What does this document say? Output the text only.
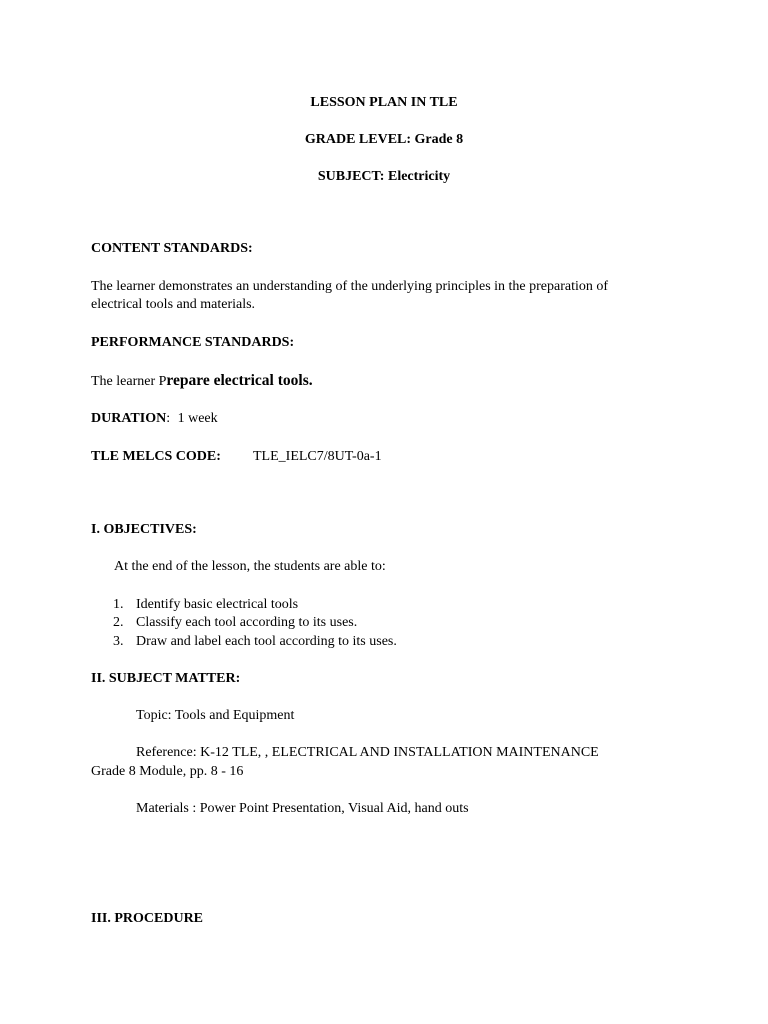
LESSON PLAN IN TLE
GRADE LEVEL: Grade 8
SUBJECT: Electricity
CONTENT STANDARDS:
The learner demonstrates an understanding of the underlying principles in the preparation of
electrical tools and materials.
PERFORMANCE STANDARDS:
The learner Prepare electrical tools.
DURATION: 1 week
TLE MELCS CODE: TLE_IELC7/8UT-0a-1
I. OBJECTIVES:
At the end of the lesson, the students are able to:
1. Identify basic electrical tools
2. Classify each tool according to its uses.
3. Draw and label each tool according to its uses.
II. SUBJECT MATTER:
Topic: Tools and Equipment
Reference: K-12 TLE, , ELECTRICAL AND INSTALLATION MAINTENANCE
Grade 8 Module, pp. 8 - 16
Materials : Power Point Presentation, Visual Aid, hand outs
III. PROCEDURE
